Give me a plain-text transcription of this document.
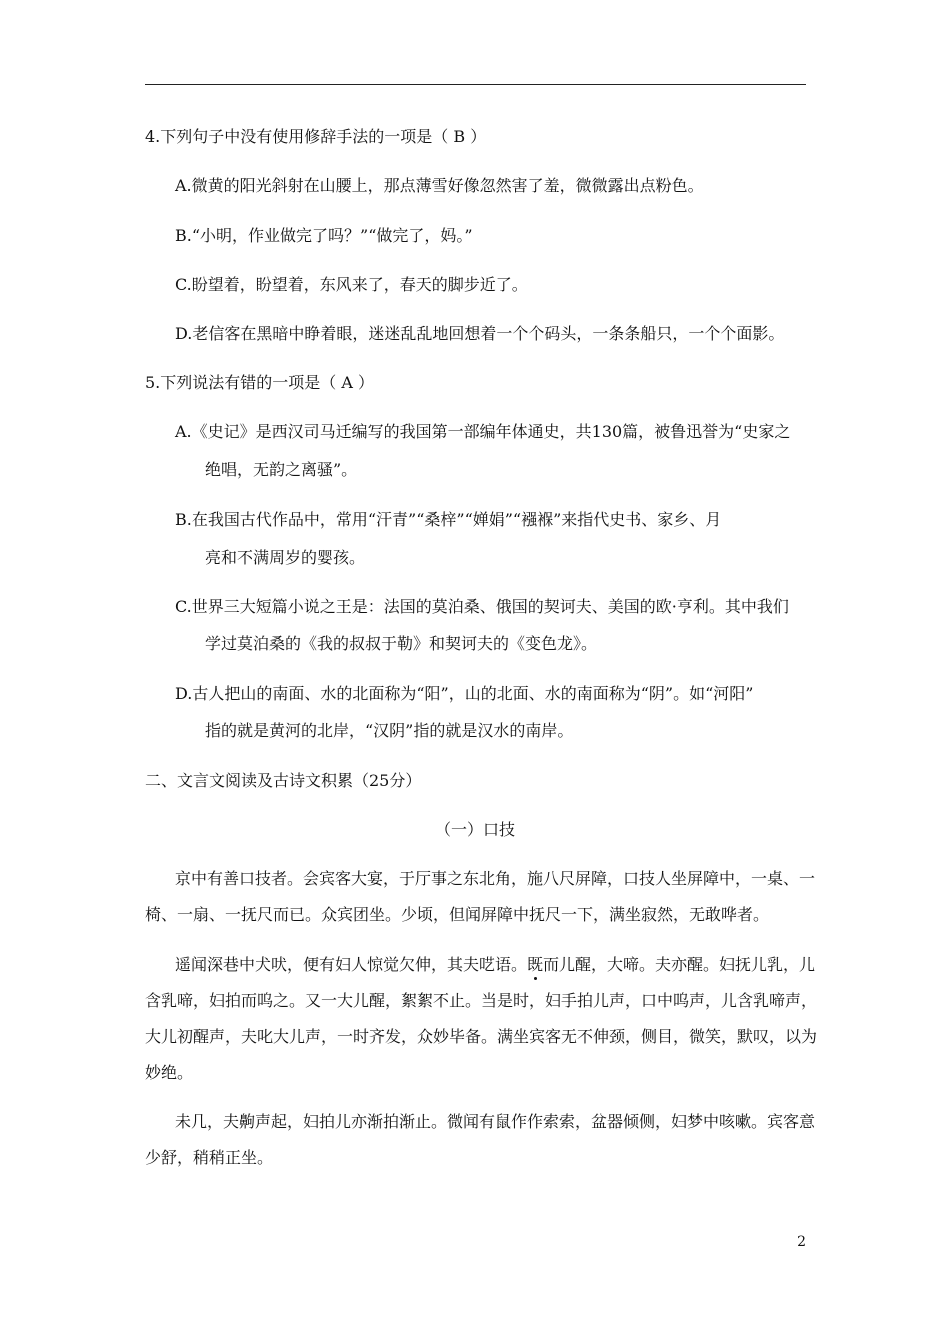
4.下列句子中没有使用修辞手法的一项是（ B ）
A.微黄的阳光斜射在山腰上，那点薄雪好像忽然害了羞，微微露出点粉色。
B.“小明，作业做完了吗？”“做完了，妈。”
C.盼望着，盼望着，东风来了，春天的脚步近了。
D.老信客在黑暗中睁着眼，迷迷乱乱地回想着一个个码头，一条条船只，一个个面影。
5.下列说法有错的一项是（ A ）
A.《史记》是西汉司马迁编写的我国第一部编年体通史，共130篇，被鲁迅誉为“史家之
绝唱，无韵之离骚”。
B.在我国古代作品中，常用“汗青”“桑梓”“婵娟”“襁褓”来指代史书、家乡、月
亮和不满周岁的婴孩。
C.世界三大短篇小说之王是：法国的莫泊桑、俄国的契诃夫、美国的欧·亨利。其中我们
学过莫泊桑的《我的叔叔于勒》和契诃夫的《变色龙》。
D.古人把山的南面、水的北面称为“阳”，山的北面、水的南面称为“阴”。如“河阳”
指的就是黄河的北岸，“汉阴”指的就是汉水的南岸。
二、文言文阅读及古诗文积累（25分）
（一）口技
京中有善口技者。会宾客大宴，于厅事之东北角，施八尺屏障，口技人坐屏障中，一桌、一
椅、一扇、一抚尺而已。众宾团坐。少顷，但闻屏障中抚尺一下，满坐寂然，无敢哗者。
遥闻深巷中犬吠，便有妇人惊觉欠伸，其夫呓语。既而儿醒，大啼。夫亦醒。妇抚儿乳，儿
含乳啼，妇拍而呜之。又一大儿醒，絮絮不止。当是时，妇手拍儿声，口中呜声，儿含乳啼声，
大儿初醒声，夫叱大儿声，一时齐发，众妙毕备。满坐宾客无不伸颈，侧目，微笑，默叹，以为
妙绝。
未几，夫齁声起，妇拍儿亦渐拍渐止。微闻有鼠作作索索，盆器倾侧，妇梦中咳嗽。宾客意
少舒，稍稍正坐。
2
